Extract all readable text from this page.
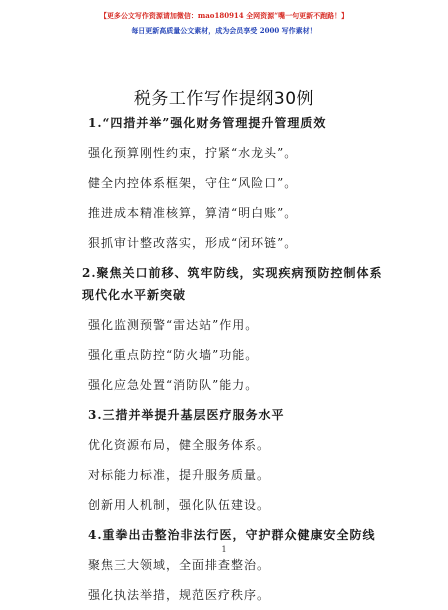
【更多公文写作资源请加微信：mao180914 全网资源“嘴一句更新不跑路！】
每日更新高质量公文素材，成为会员享受 2000 写作素材！
税务工作写作提纲30例
1.“四措并举”强化财务管理提升管理质效
强化预算刚性约束，拧紧“水龙头”。
健全内控体系框架，守住“风险口”。
推进成本精准核算，算清“明白账”。
狠抓审计整改落实，形成“闭环链”。
2.聚焦关口前移、筑牢防线，实现疾病预防控制体系现代化水平新突破
强化监测预警“雷达站”作用。
强化重点防控“防火墙”功能。
强化应急处置“消防队”能力。
3.三措并举提升基层医疗服务水平
优化资源布局，健全服务体系。
对标能力标准，提升服务质量。
创新用人机制，强化队伍建设。
4.重拳出击整治非法行医，守护群众健康安全防线
聚焦三大领域，全面排查整治。
强化执法举措，规范医疗秩序。
1
